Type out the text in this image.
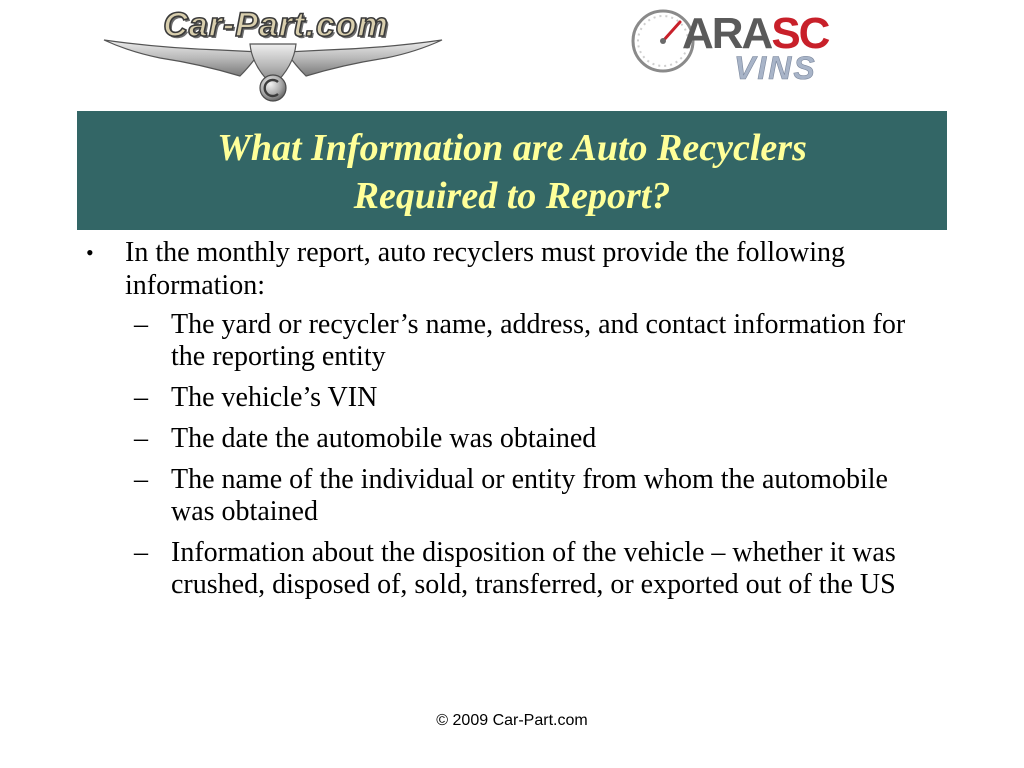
Car-Part.com	ARASC
VINS
What Information are Auto Recyclers
Required to Report?
• In the monthly report, auto recyclers must provide the following information:
– The yard or recycler’s name, address, and contact information for the reporting entity
– The vehicle’s VIN
– The date the automobile was obtained
– The name of the individual or entity from whom the automobile was obtained
– Information about the disposition of the vehicle – whether it was crushed, disposed of, sold, transferred, or exported out of the US
© 2009 Car-Part.com
